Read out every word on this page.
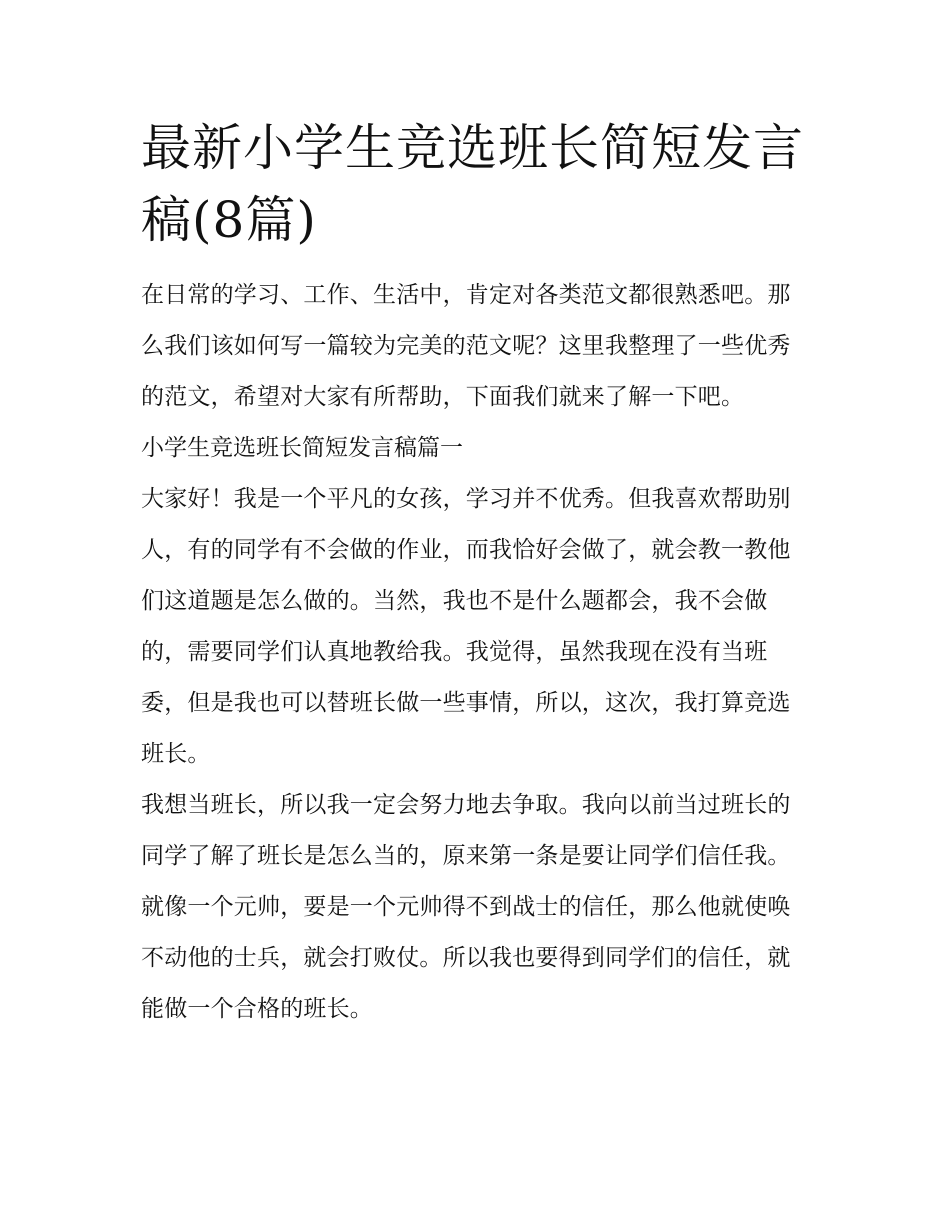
最新小学生竞选班长简短发言稿(8篇)

在日常的学习、工作、生活中，肯定对各类范文都很熟悉吧。那么我们该如何写一篇较为完美的范文呢？这里我整理了一些优秀的范文，希望对大家有所帮助，下面我们就来了解一下吧。

小学生竞选班长简短发言稿篇一

大家好！我是一个平凡的女孩，学习并不优秀。但我喜欢帮助别人，有的同学有不会做的作业，而我恰好会做了，就会教一教他们这道题是怎么做的。当然，我也不是什么题都会，我不会做的，需要同学们认真地教给我。我觉得，虽然我现在没有当班委，但是我也可以替班长做一些事情，所以，这次，我打算竞选班长。

我想当班长，所以我一定会努力地去争取。我向以前当过班长的同学了解了班长是怎么当的，原来第一条是要让同学们信任我。就像一个元帅，要是一个元帅得不到战士的信任，那么他就使唤不动他的士兵，就会打败仗。所以我也要得到同学们的信任，就能做一个合格的班长。
